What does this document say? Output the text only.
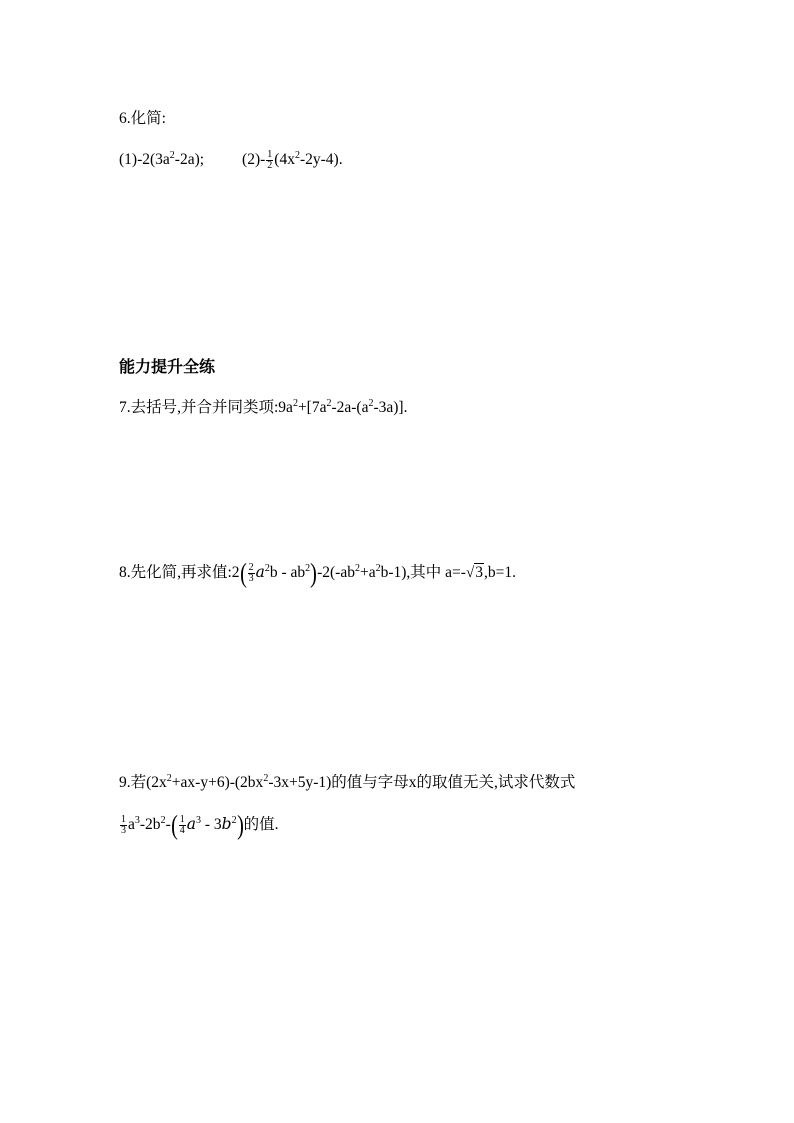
6.化简:
$(1)-2(3a^2-2a)$; $(2)- \frac{1}{2} (4x^2-2y-4)$.
能力提升全练
7.去括号,并合并同类项$:9a^2+[7a^2-2a-(a^2-3a)]$.
8.先化简,再求值:2( $\frac{2}{3} a^2b - ab^2)-2(-ab^2+a^2b-1)$,其中 a=-√3,b=1.
9.若$(2x^2+ax-y+6)-(2bx^2-3x+5y-1)$的值与字母x的取值无关,试求代数式
$\frac{1}{3} a^3-2b^2-( \frac{1}{4} a^3 - 3b^2)$的值.
